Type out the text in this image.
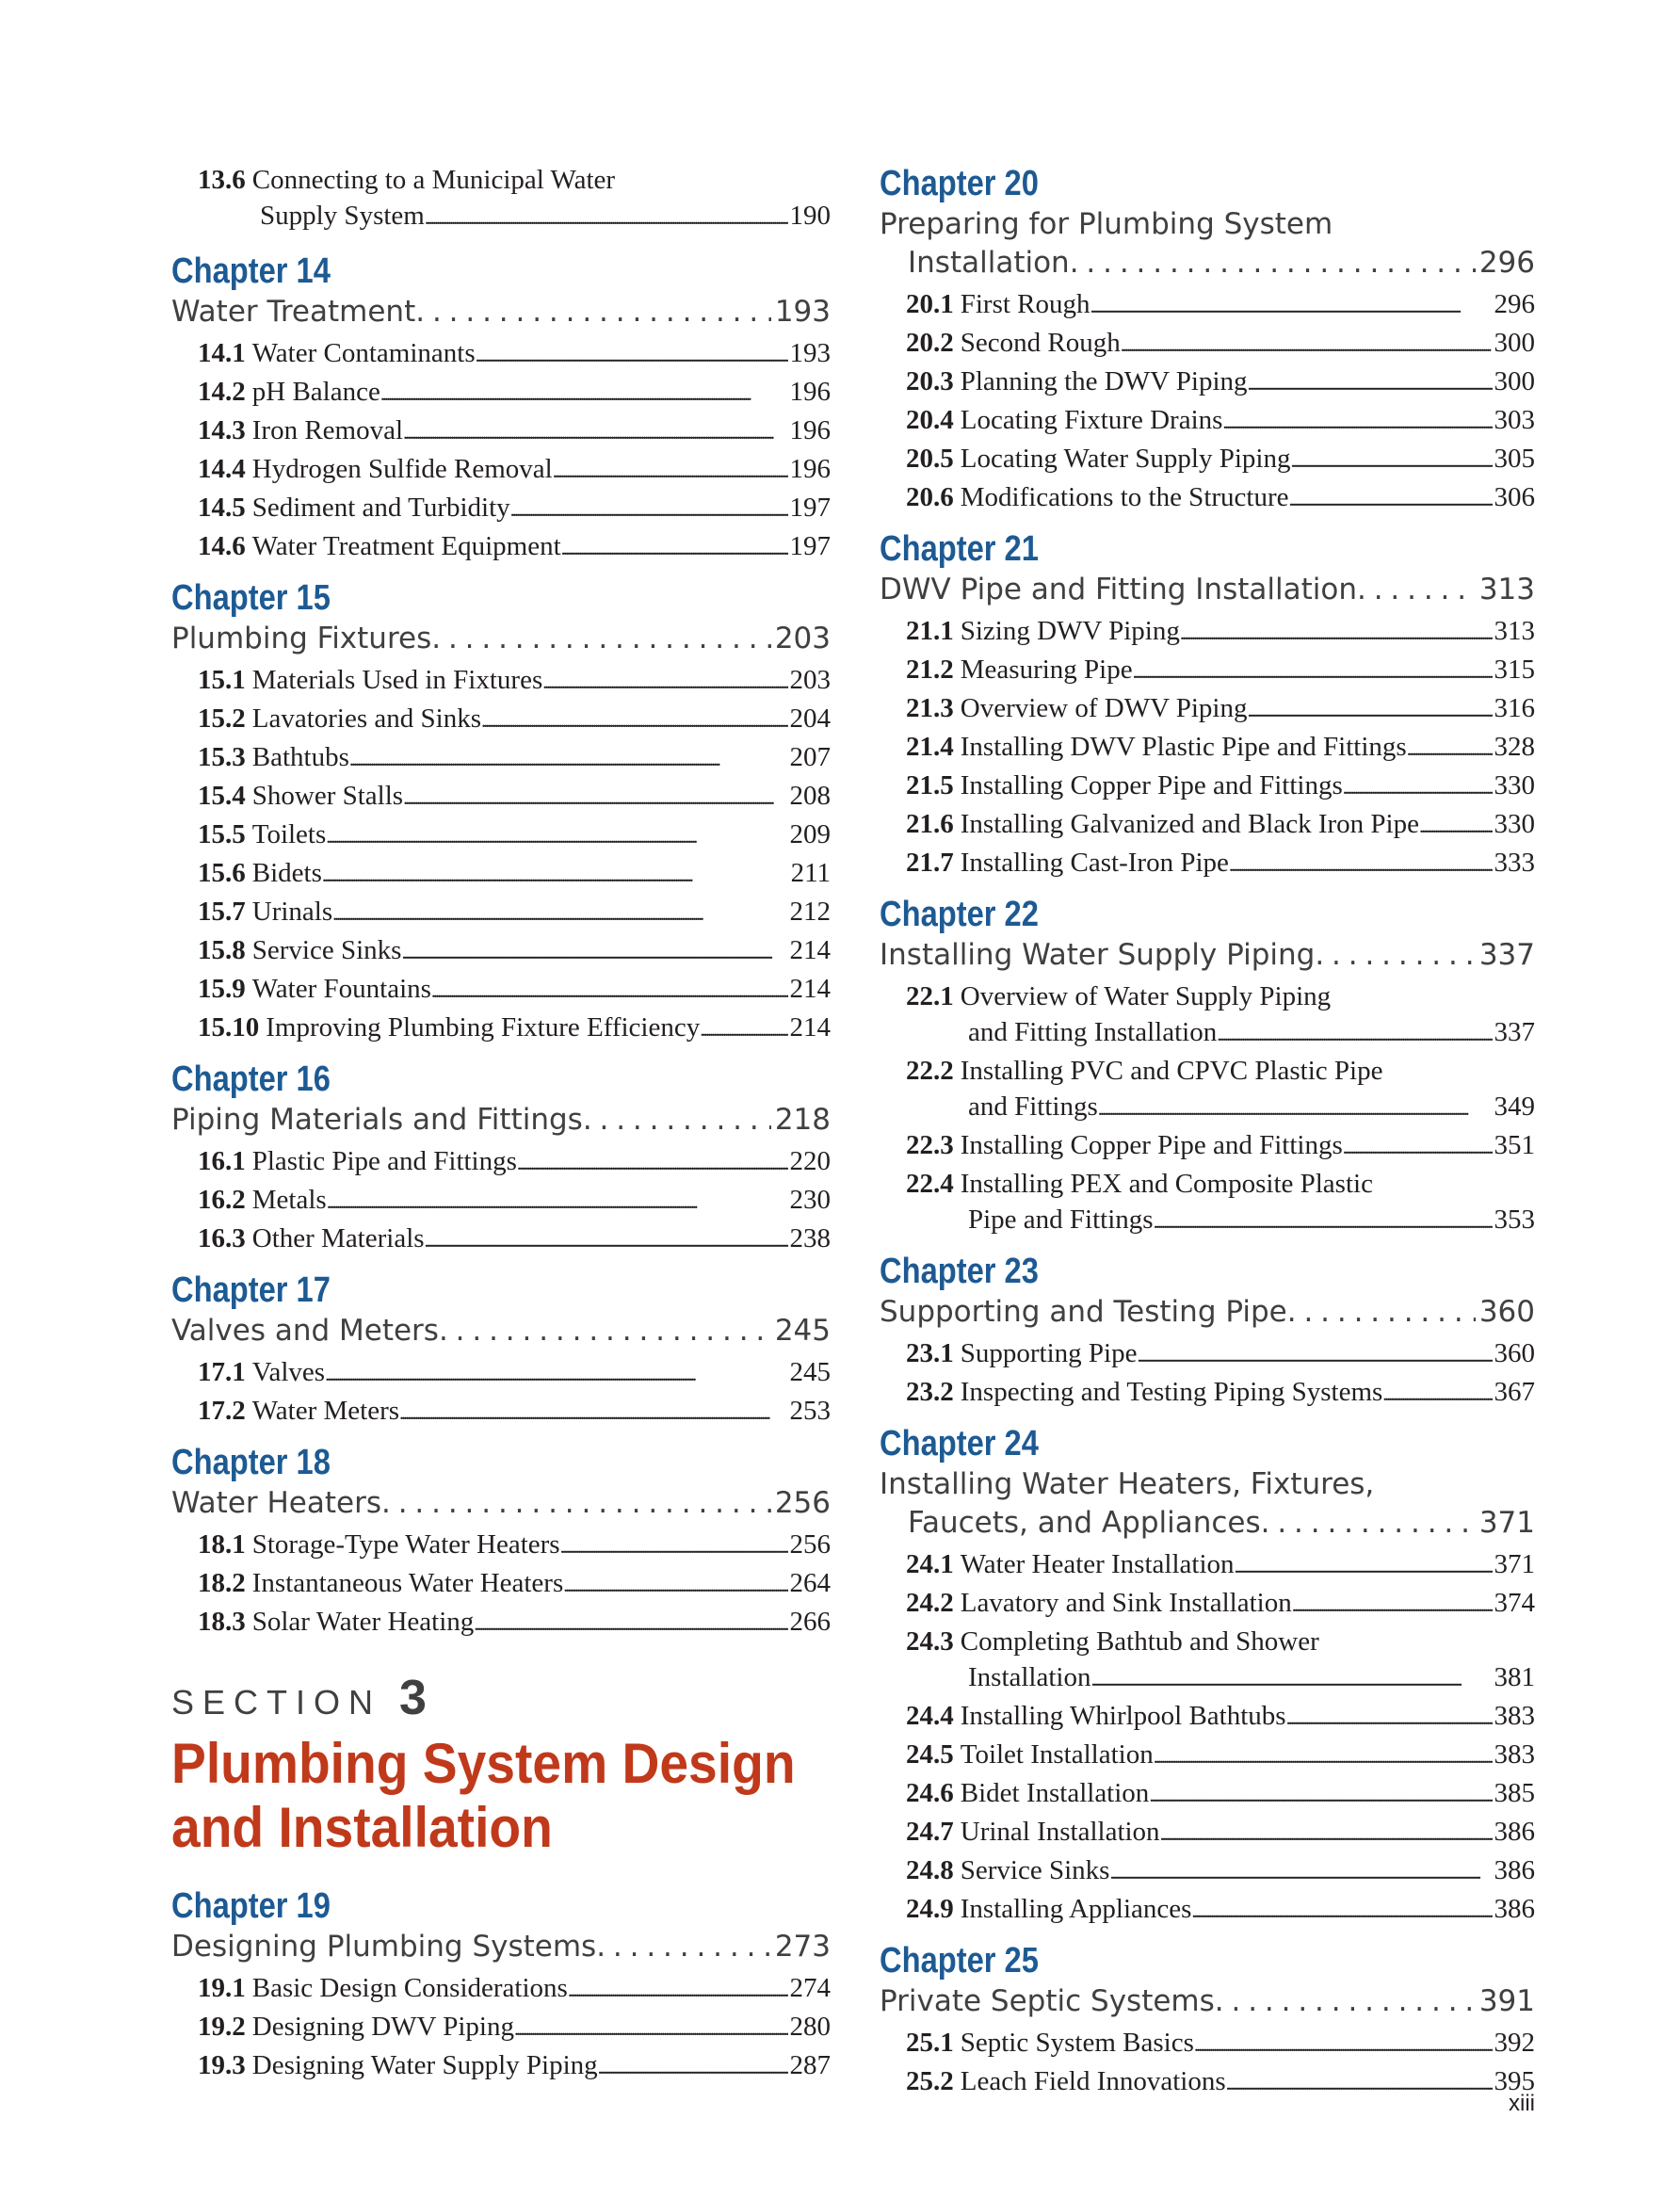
13.6 Connecting to a Municipal Water
Supply System .....	190
Chapter 14
Water Treatment . . .	193
14.1 Water Contaminants .....	193
14.2 pH Balance .....	196
14.3 Iron Removal .....	196
14.4 Hydrogen Sulfide Removal .....	196
14.5 Sediment and Turbidity .....	197
14.6 Water Treatment Equipment .....	197
Chapter 15
Plumbing Fixtures . . .	203
15.1 Materials Used in Fixtures .....	203
15.2 Lavatories and Sinks .....	204
15.3 Bathtubs .....	207
15.4 Shower Stalls .....	208
15.5 Toilets .....	209
15.6 Bidets .....	211
15.7 Urinals .....	212
15.8 Service Sinks .....	214
15.9 Water Fountains .....	214
15.10 Improving Plumbing Fixture Efficiency .....	214
Chapter 16
Piping Materials and Fittings . . .	218
16.1 Plastic Pipe and Fittings .....	220
16.2 Metals .....	230
16.3 Other Materials .....	238
Chapter 17
Valves and Meters . . .	245
17.1 Valves .....	245
17.2 Water Meters .....	253
Chapter 18
Water Heaters . . .	256
18.1 Storage-Type Water Heaters .....	256
18.2 Instantaneous Water Heaters .....	264
18.3 Solar Water Heating .....	266
SECTION 3
Plumbing System Design
and Installation
Chapter 19
Designing Plumbing Systems . . .	273
19.1 Basic Design Considerations .....	274
19.2 Designing DWV Piping .....	280
19.3 Designing Water Supply Piping .....	287
Chapter 20
Preparing for Plumbing System
Installation . . .	296
20.1 First Rough .....	296
20.2 Second Rough .....	300
20.3 Planning the DWV Piping .....	300
20.4 Locating Fixture Drains .....	303
20.5 Locating Water Supply Piping .....	305
20.6 Modifications to the Structure .....	306
Chapter 21
DWV Pipe and Fitting Installation . . .	313
21.1 Sizing DWV Piping .....	313
21.2 Measuring Pipe .....	315
21.3 Overview of DWV Piping .....	316
21.4 Installing DWV Plastic Pipe and Fittings .....	328
21.5 Installing Copper Pipe and Fittings .....	330
21.6 Installing Galvanized and Black Iron Pipe .....	330
21.7 Installing Cast-Iron Pipe .....	333
Chapter 22
Installing Water Supply Piping . . .	337
22.1 Overview of Water Supply Piping
and Fitting Installation .....	337
22.2 Installing PVC and CPVC Plastic Pipe
and Fittings .....	349
22.3 Installing Copper Pipe and Fittings .....	351
22.4 Installing PEX and Composite Plastic
Pipe and Fittings .....	353
Chapter 23
Supporting and Testing Pipe . . .	360
23.1 Supporting Pipe .....	360
23.2 Inspecting and Testing Piping Systems .....	367
Chapter 24
Installing Water Heaters, Fixtures,
Faucets, and Appliances . . .	371
24.1 Water Heater Installation .....	371
24.2 Lavatory and Sink Installation .....	374
24.3 Completing Bathtub and Shower
Installation .....	381
24.4 Installing Whirlpool Bathtubs .....	383
24.5 Toilet Installation .....	383
24.6 Bidet Installation .....	385
24.7 Urinal Installation .....	386
24.8 Service Sinks .....	386
24.9 Installing Appliances .....	386
Chapter 25
Private Septic Systems . . .	391
25.1 Septic System Basics .....	392
25.2 Leach Field Innovations .....	395
xiii
